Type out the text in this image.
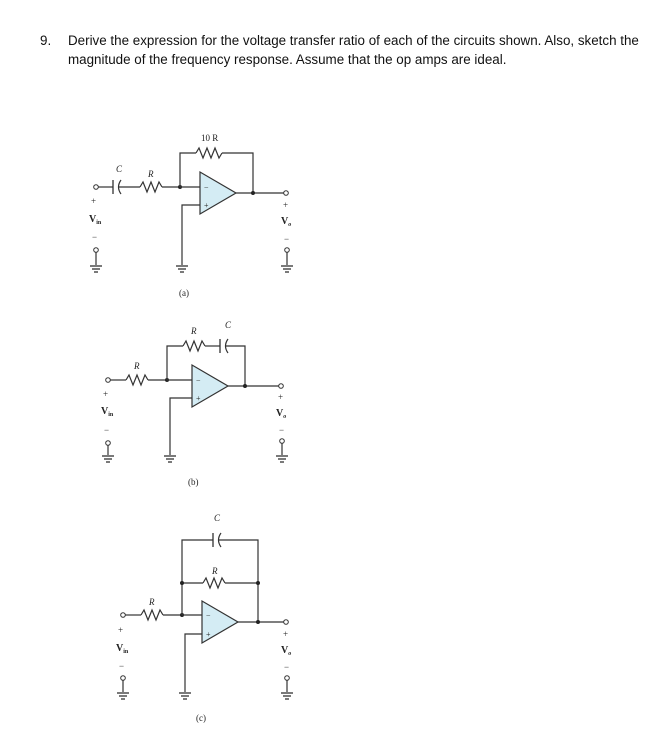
9. Derive the expression for the voltage transfer ratio of each of the circuits shown. Also, sketch the magnitude of the frequency response. Assume that the op amps are ideal.
−
+
10 R
C	R
+
$V_{in}$
−
+
$V_o$
−
(a)
−
+
R
C
R
+
$V_{in}$
−
+
$V_o$
−
(b)
−
+
C
R
R
+
$V_{in}$
−
+
$V_o$
−
(c)
